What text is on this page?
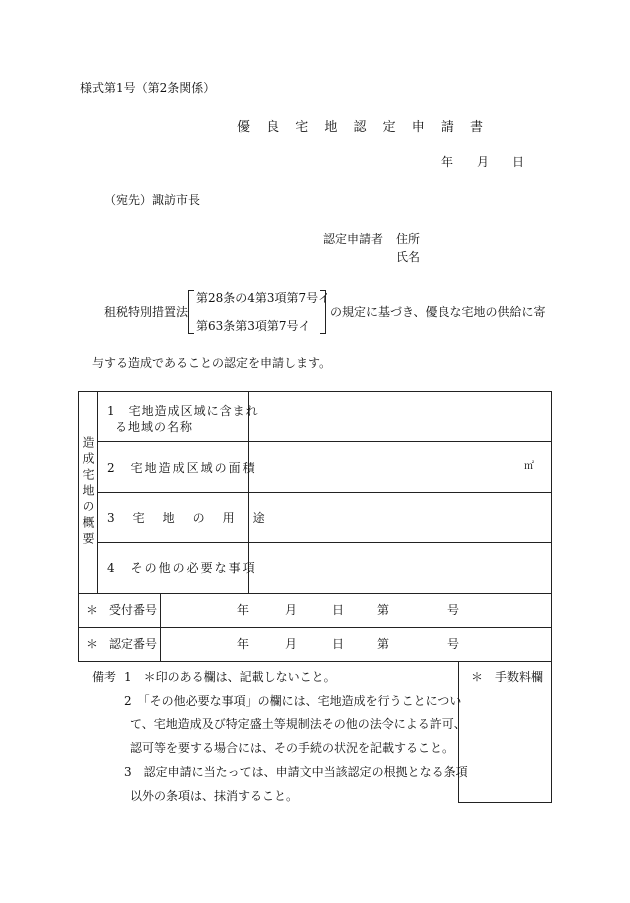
様式第1号（第2条関係）
優 良 宅 地 認 定 申 請 書
年 月 日
（宛先）諏訪市長
認定申請者 住所
氏名
租税特別措置法
第28条の4第3項第7号イ
第63条第3項第7号イ
の規定に基づき、優良な宅地の供給に寄
与する造成であることの認定を申請します。
造成宅地の概要
1　宅地造成区域に含まれ
る地域の名称
2　宅地造成区域の面積	㎡
3　宅　地　の　用　途
4　その他の必要な事項
＊ 受付番号	年	月	日	第	号
＊ 認定番号	年	月	日	第	号
備考 1　＊印のある欄は、記載しないこと。
2　「その他必要な事項」の欄には、宅地造成を行うことについ
て、宅地造成及び特定盛土等規制法その他の法令による許可、
認可等を要する場合には、その手続の状況を記載すること。
3　認定申請に当たっては、申請文中当該認定の根拠となる条項
以外の条項は、抹消すること。
＊　手数料欄
